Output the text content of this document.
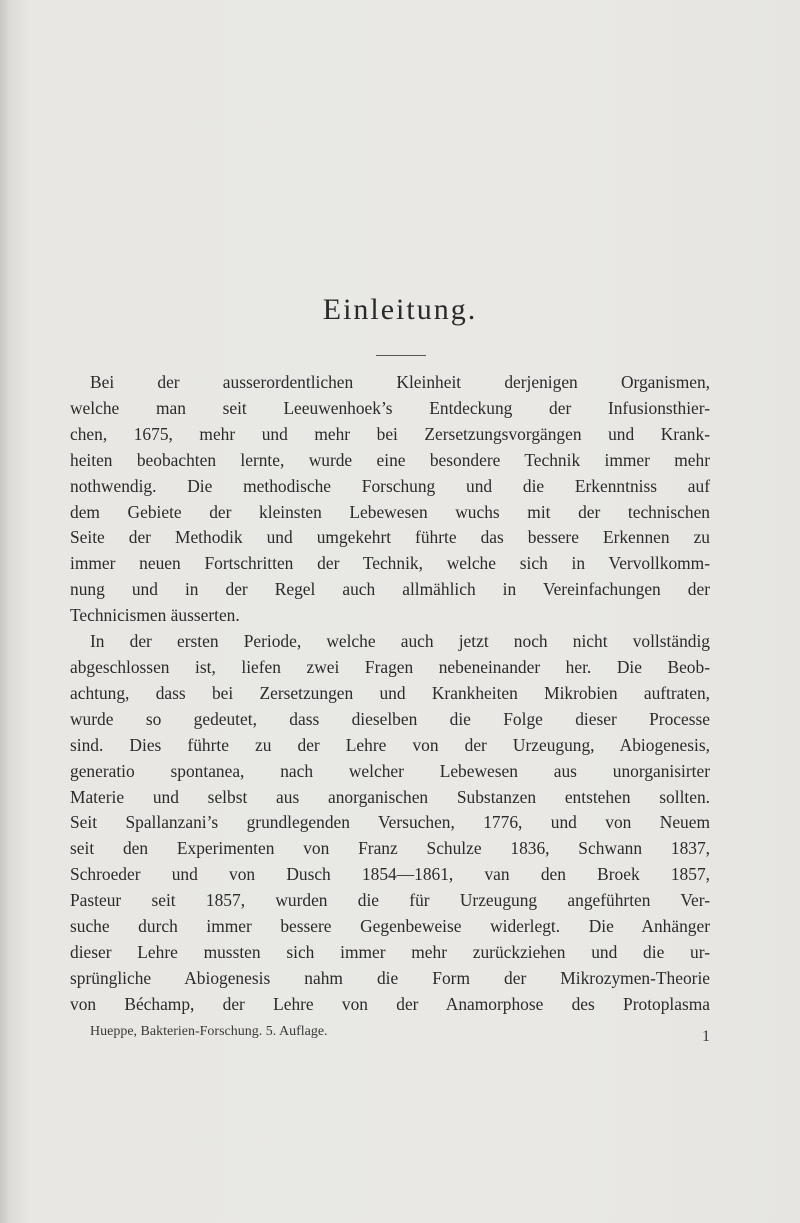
Einleitung.
Bei der ausserordentlichen Kleinheit derjenigen Organismen,
welche man seit Leeuwenhoek’s Entdeckung der Infusionsthier-
chen, 1675, mehr und mehr bei Zersetzungsvorgängen und Krank-
heiten beobachten lernte, wurde eine besondere Technik immer mehr
nothwendig. Die methodische Forschung und die Erkenntniss auf
dem Gebiete der kleinsten Lebewesen wuchs mit der technischen
Seite der Methodik und umgekehrt führte das bessere Erkennen zu
immer neuen Fortschritten der Technik, welche sich in Vervollkomm-
nung und in der Regel auch allmählich in Vereinfachungen der
Technicismen äusserten.
In der ersten Periode, welche auch jetzt noch nicht vollständig
abgeschlossen ist, liefen zwei Fragen nebeneinander her. Die Beob-
achtung, dass bei Zersetzungen und Krankheiten Mikrobien auftraten,
wurde so gedeutet, dass dieselben die Folge dieser Processe
sind. Dies führte zu der Lehre von der Urzeugung, Abiogenesis,
generatio spontanea, nach welcher Lebewesen aus unorganisirter
Materie und selbst aus anorganischen Substanzen entstehen sollten.
Seit Spallanzani’s grundlegenden Versuchen, 1776, und von Neuem
seit den Experimenten von Franz Schulze 1836, Schwann 1837,
Schroeder und von Dusch 1854—1861, van den Broek 1857,
Pasteur seit 1857, wurden die für Urzeugung angeführten Ver-
suche durch immer bessere Gegenbeweise widerlegt. Die Anhänger
dieser Lehre mussten sich immer mehr zurückziehen und die ur-
sprüngliche Abiogenesis nahm die Form der Mikrozymen-Theorie
von Béchamp, der Lehre von der Anamorphose des Protoplasma
Hueppe, Bakterien-Forschung. 5. Auflage.	1
